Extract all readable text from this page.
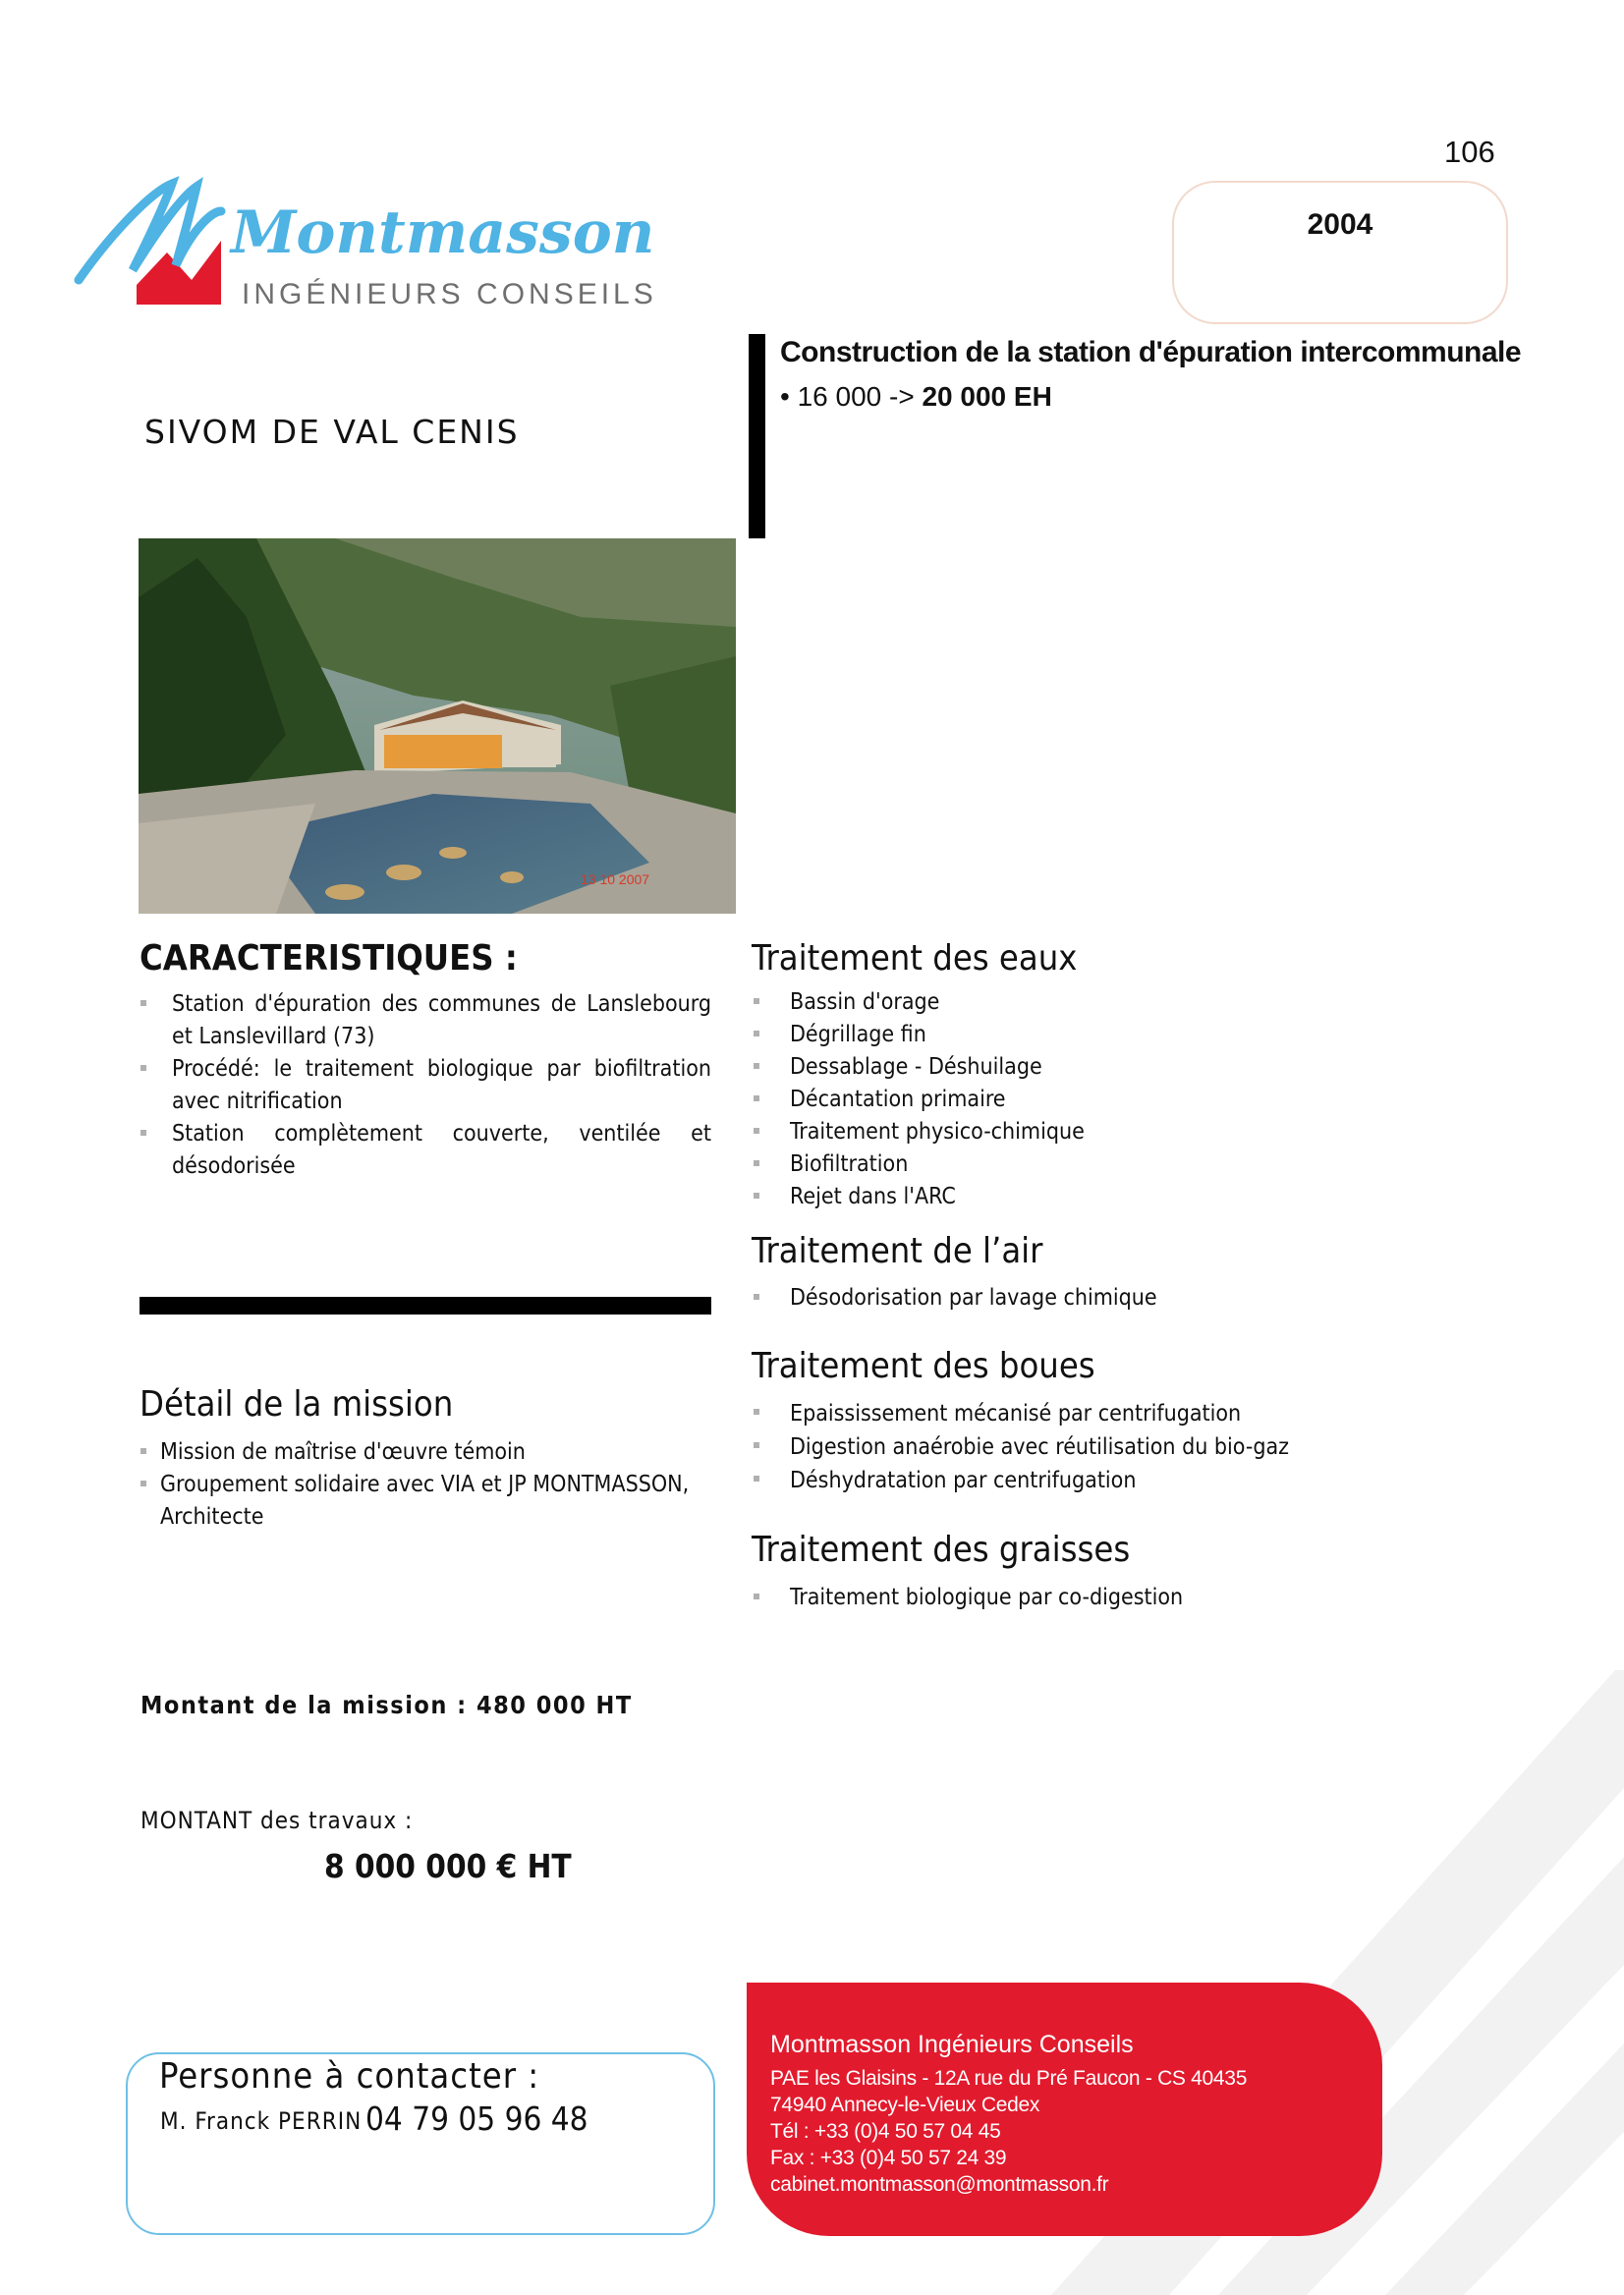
106
2004
Montmasson
INGÉNIEURS CONSEILS
SIVOM DE VAL CENIS
Construction de la station d'épuration intercommunale
• 16 000 -> 20 000 EH
13 10 2007
CARACTERISTIQUES :
Station d'épuration des communes de Lanslebourg et Lanslevillard (73)
Procédé: le traitement biologique par biofiltration avec nitrification
Station complètement couverte, ventilée et désodorisée
Détail de la mission
Mission de maîtrise d'œuvre témoin
Groupement solidaire avec VIA et JP MONTMASSON, Architecte
Montant de la mission : 480 000 HT
MONTANT des travaux :
8 000 000 € HT
Traitement des eaux
Bassin d'orage
Dégrillage fin
Dessablage - Déshuilage
Décantation primaire
Traitement physico-chimique
Biofiltration
Rejet dans l'ARC
Traitement de l’air
Désodorisation par lavage chimique
Traitement des boues
Epaississement mécanisé par centrifugation
Digestion anaérobie avec réutilisation du bio-gaz
Déshydratation par centrifugation
Traitement des graisses
Traitement biologique par co-digestion
Personne à contacter :
M. Franck PERRIN 04 79 05 96 48
Montmasson Ingénieurs Conseils
PAE les Glaisins - 12A rue du Pré Faucon - CS 40435
74940 Annecy-le-Vieux Cedex
Tél : +33 (0)4 50 57 04 45
Fax : +33 (0)4 50 57 24 39
cabinet.montmasson@montmasson.fr
